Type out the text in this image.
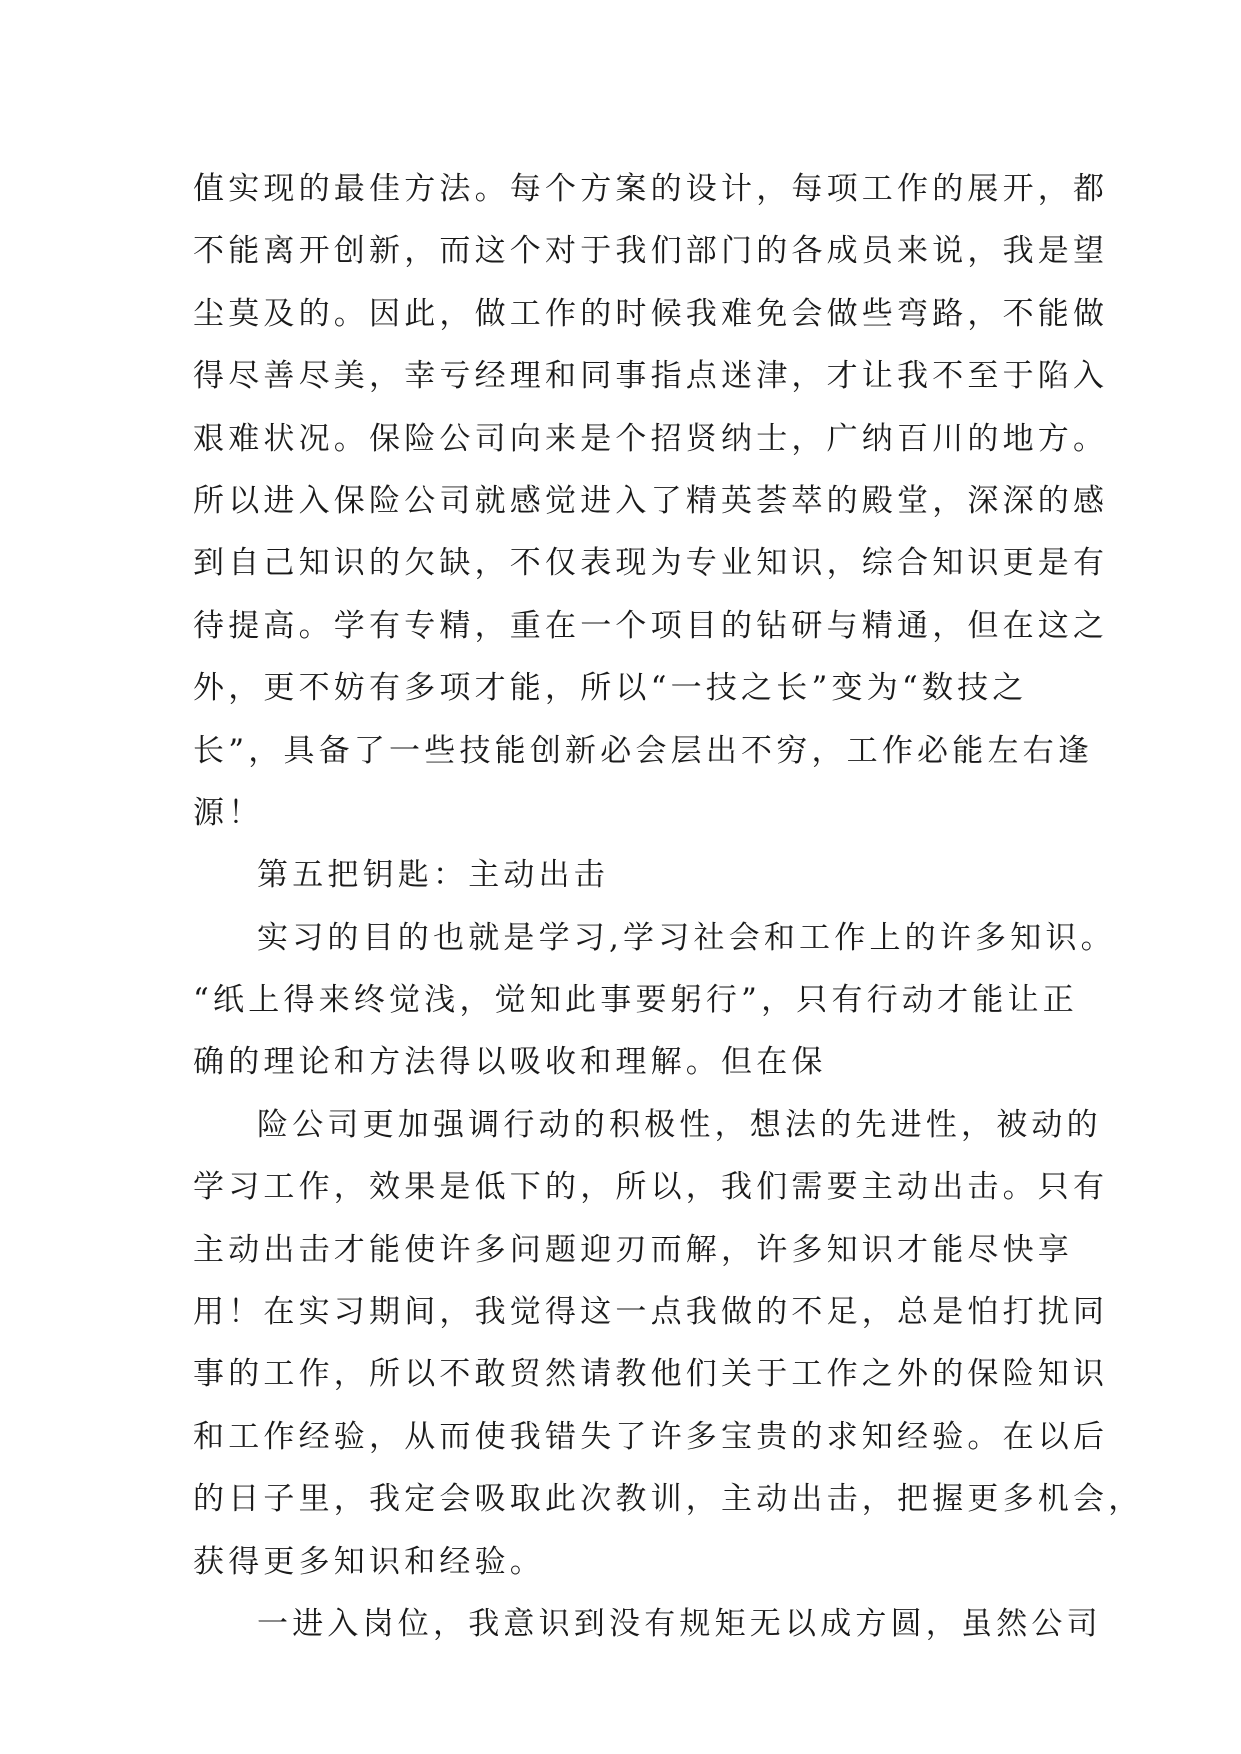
值实现的最佳方法。每个方案的设计，每项工作的展开，都
不能离开创新，而这个对于我们部门的各成员来说，我是望
尘莫及的。因此，做工作的时候我难免会做些弯路，不能做
得尽善尽美，幸亏经理和同事指点迷津，才让我不至于陷入
艰难状况。保险公司向来是个招贤纳士，广纳百川的地方。
所以进入保险公司就感觉进入了精英荟萃的殿堂，深深的感
到自己知识的欠缺，不仅表现为专业知识，综合知识更是有
待提高。学有专精，重在一个项目的钻研与精通，但在这之
外，更不妨有多项才能，所以“一技之长”变为“数技之
长”，具备了一些技能创新必会层出不穷，工作必能左右逢
源！
第五把钥匙：主动出击
实习的目的也就是学习,学习社会和工作上的许多知识。
“纸上得来终觉浅，觉知此事要躬行”，只有行动才能让正
确的理论和方法得以吸收和理解。但在保
险公司更加强调行动的积极性，想法的先进性，被动的
学习工作，效果是低下的，所以，我们需要主动出击。只有
主动出击才能使许多问题迎刃而解，许多知识才能尽快享
用！在实习期间，我觉得这一点我做的不足，总是怕打扰同
事的工作，所以不敢贸然请教他们关于工作之外的保险知识
和工作经验，从而使我错失了许多宝贵的求知经验。在以后
的日子里，我定会吸取此次教训，主动出击，把握更多机会，
获得更多知识和经验。
一进入岗位，我意识到没有规矩无以成方圆，虽然公司
